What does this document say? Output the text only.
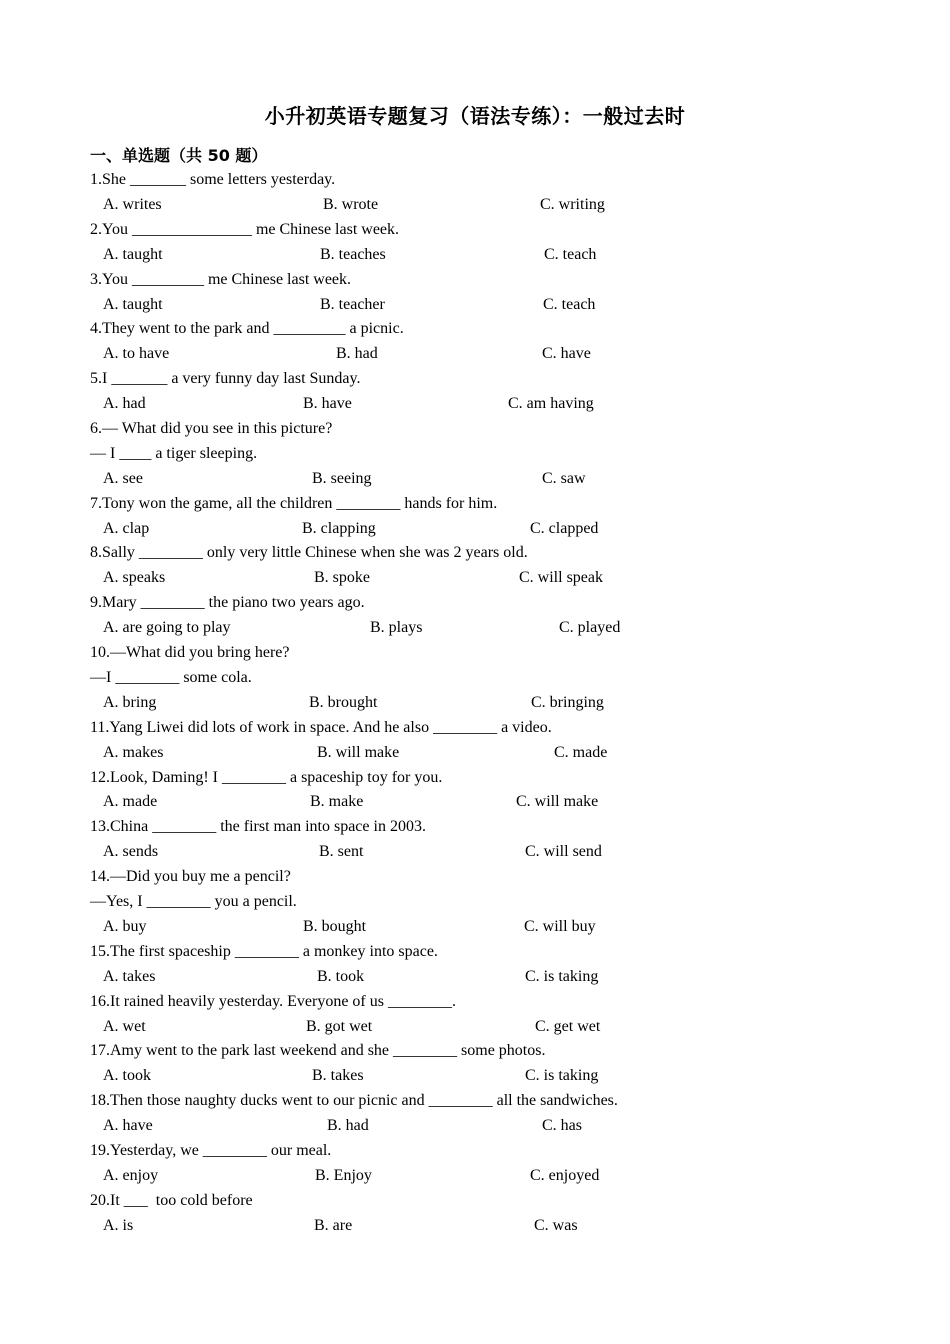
小升初英语专题复习（语法专练）：一般过去时
一、单选题（共 50 题）
1.She _______ some letters yesterday.
A. writes	B. wrote	C. writing
2.You _______________ me Chinese last week.
A. taught	B. teaches	C. teach
3.You _________ me Chinese last week.
A. taught	B. teacher	C. teach
4.They went to the park and _________ a picnic.
A. to have	B. had	C. have
5.I _______ a very funny day last Sunday.
A. had	B. have	C. am having
6.— What did you see in this picture?
— I ____ a tiger sleeping.
A. see	B. seeing	C. saw
7.Tony won the game, all the children ________ hands for him.
A. clap	B. clapping	C. clapped
8.Sally ________ only very little Chinese when she was 2 years old.
A. speaks	B. spoke	C. will speak
9.Mary ________ the piano two years ago.
A. are going to play	B. plays	C. played
10.—What did you bring here?
—I ________ some cola.
A. bring	B. brought	C. bringing
11.Yang Liwei did lots of work in space. And he also ________ a video.
A. makes	B. will make	C. made
12.Look, Daming! I ________ a spaceship toy for you.
A. made	B. make	C. will make
13.China ________ the first man into space in 2003.
A. sends	B. sent	C. will send
14.—Did you buy me a pencil?
—Yes, I ________ you a pencil.
A. buy	B. bought	C. will buy
15.The first spaceship ________ a monkey into space.
A. takes	B. took	C. is taking
16.It rained heavily yesterday. Everyone of us ________.
A. wet	B. got wet	C. get wet
17.Amy went to the park last weekend and she ________ some photos.
A. took	B. takes	C. is taking
18.Then those naughty ducks went to our picnic and ________ all the sandwiches.
A. have	B. had	C. has
19.Yesterday, we ________ our meal.
A. enjoy	B. Enjoy	C. enjoyed
20.It ___  too cold before
A. is	B. are	C. was
